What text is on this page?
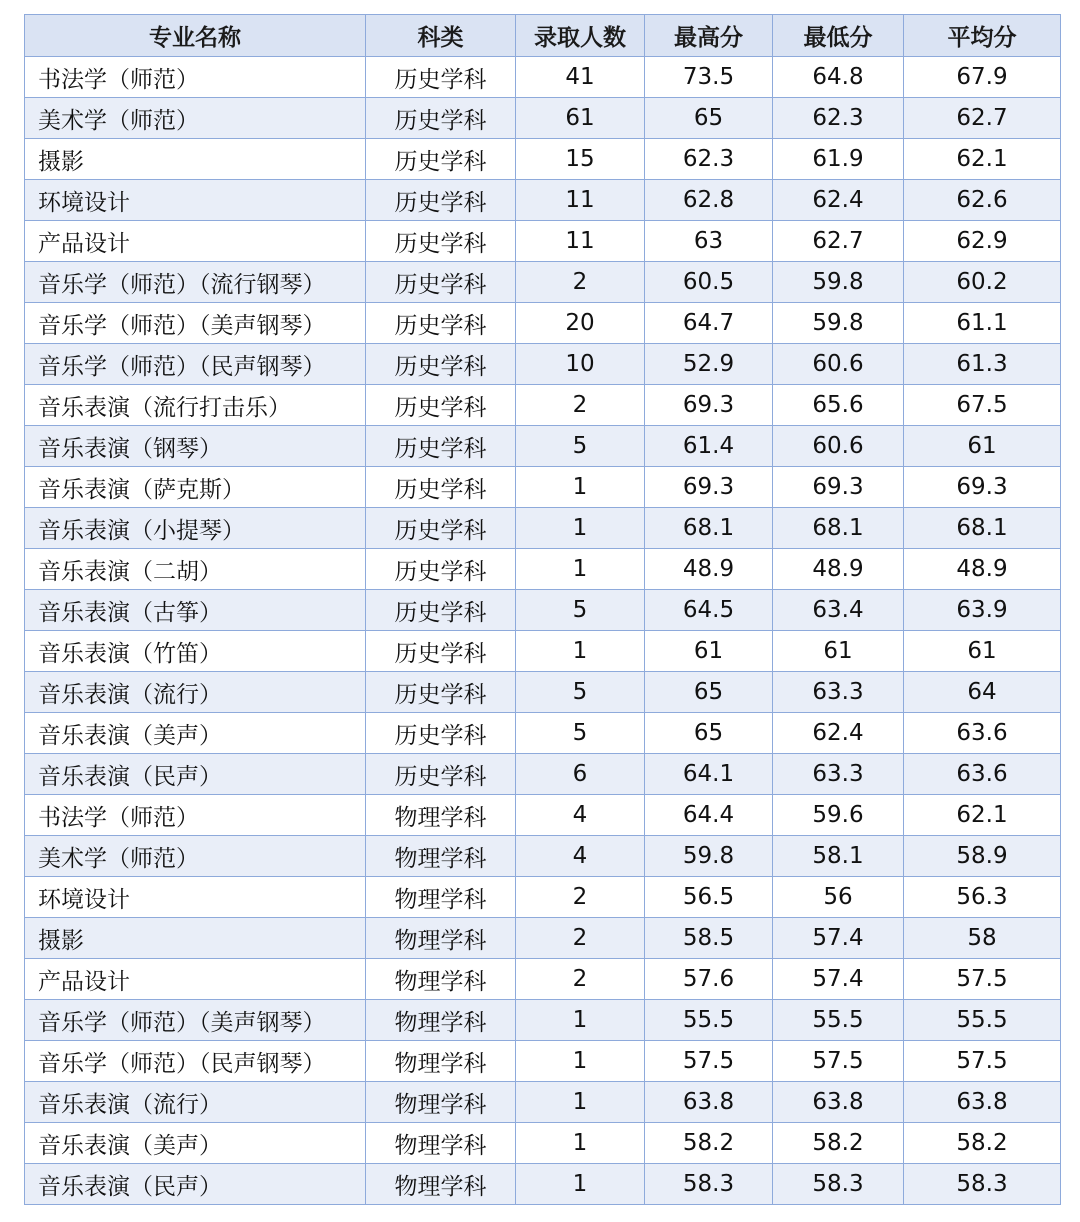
专业名称	科类	录取人数	最高分	最低分	平均分
书法学（师范）	历史学科	41	73.5	64.8	67.9
美术学（师范）	历史学科	61	65	62.3	62.7
摄影	历史学科	15	62.3	61.9	62.1
环境设计	历史学科	11	62.8	62.4	62.6
产品设计	历史学科	11	63	62.7	62.9
音乐学（师范）（流行钢琴）	历史学科	2	60.5	59.8	60.2
音乐学（师范）（美声钢琴）	历史学科	20	64.7	59.8	61.1
音乐学（师范）（民声钢琴）	历史学科	10	52.9	60.6	61.3
音乐表演（流行打击乐）	历史学科	2	69.3	65.6	67.5
音乐表演（钢琴）	历史学科	5	61.4	60.6	61
音乐表演（萨克斯）	历史学科	1	69.3	69.3	69.3
音乐表演（小提琴）	历史学科	1	68.1	68.1	68.1
音乐表演（二胡）	历史学科	1	48.9	48.9	48.9
音乐表演（古筝）	历史学科	5	64.5	63.4	63.9
音乐表演（竹笛）	历史学科	1	61	61	61
音乐表演（流行）	历史学科	5	65	63.3	64
音乐表演（美声）	历史学科	5	65	62.4	63.6
音乐表演（民声）	历史学科	6	64.1	63.3	63.6
书法学（师范）	物理学科	4	64.4	59.6	62.1
美术学（师范）	物理学科	4	59.8	58.1	58.9
环境设计	物理学科	2	56.5	56	56.3
摄影	物理学科	2	58.5	57.4	58
产品设计	物理学科	2	57.6	57.4	57.5
音乐学（师范）（美声钢琴）	物理学科	1	55.5	55.5	55.5
音乐学（师范）（民声钢琴）	物理学科	1	57.5	57.5	57.5
音乐表演（流行）	物理学科	1	63.8	63.8	63.8
音乐表演（美声）	物理学科	1	58.2	58.2	58.2
音乐表演（民声）	物理学科	1	58.3	58.3	58.3
